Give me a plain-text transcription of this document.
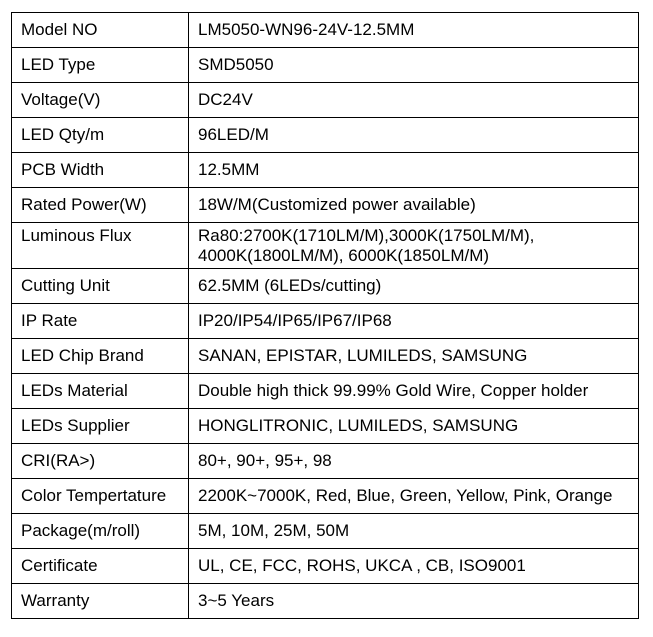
Model NO	LM5050-WN96-24V-12.5MM
LED Type	SMD5050
Voltage(V)	DC24V
LED Qty/m	96LED/M
PCB Width	12.5MM
Rated Power(W)	18W/M(Customized power available)
Luminous Flux	Ra80:2700K(1710LM/M),3000K(1750LM/M),
4000K(1800LM/M), 6000K(1850LM/M)

Cutting Unit	62.5MM (6LEDs/cutting)
IP Rate	IP20/IP54/IP65/IP67/IP68
LED Chip Brand	SANAN, EPISTAR, LUMILEDS, SAMSUNG
LEDs Material	Double high thick 99.99% Gold Wire, Copper holder
LEDs Supplier	HONGLITRONIC, LUMILEDS, SAMSUNG
CRI(RA>)	80+, 90+, 95+, 98
Color Tempertature	2200K~7000K, Red, Blue, Green, Yellow, Pink, Orange
Package(m/roll)	5M, 10M, 25M, 50M
Certificate	UL, CE, FCC, ROHS, UKCA , CB, ISO9001
Warranty	3~5 Years
